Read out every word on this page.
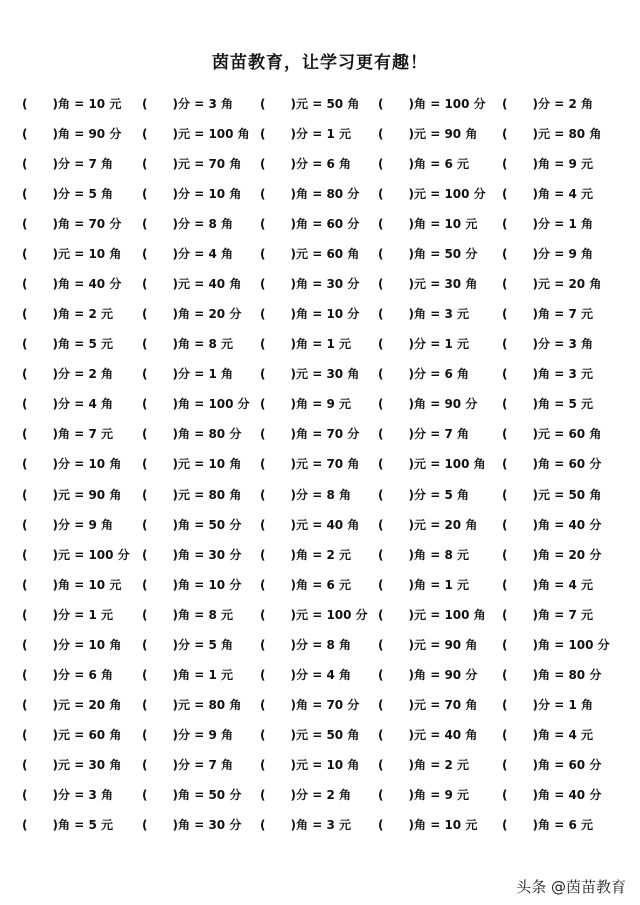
茵苗教育，让学习更有趣！
(      )角 = 10 元 (      )分 = 3 角 (      )元 = 50 角 (      )角 = 100 分 (      )分 = 2 角
(      )角 = 90 分 (      )元 = 100 角 (      )分 = 1 元 (      )元 = 90 角 (      )元 = 80 角
(      )分 = 7 角 (      )元 = 70 角 (      )分 = 6 角 (      )角 = 6 元	(      )角 = 9 元
(      )分 = 5 角 (      )分 = 10 角 (      )角 = 80 分 (      )元 = 100 分 (      )角 = 4 元
(      )角 = 70 分 (      )分 = 8 角 (      )角 = 60 分 (      )角 = 10 元 (      )分 = 1 角
(      )元 = 10 角 (      )分 = 4 角 (      )元 = 60 角 (      )角 = 50 分 (      )分 = 9 角
(      )角 = 40 分 (      )元 = 40 角 (      )角 = 30 分 (      )元 = 30 角 (      )元 = 20 角
(      )角 = 2 元 (      )角 = 20 分 (      )角 = 10 分 (      )角 = 3 元	(      )角 = 7 元
(      )角 = 5 元 (      )角 = 8 元 (      )角 = 1 元 (      )分 = 1 元	(      )分 = 3 角
(      )分 = 2 角 (      )分 = 1 角 (      )元 = 30 角 (      )分 = 6 角	(      )角 = 3 元
(      )分 = 4 角 (      )角 = 100 分 (      )角 = 9 元 (      )角 = 90 分 (      )角 = 5 元
(      )角 = 7 元 (      )角 = 80 分 (      )角 = 70 分 (      )分 = 7 角	(      )元 = 60 角
(      )分 = 10 角 (      )元 = 10 角 (      )元 = 70 角 (      )元 = 100 角 (      )角 = 60 分
(      )元 = 90 角 (      )元 = 80 角 (      )分 = 8 角 (      )分 = 5 角	(      )元 = 50 角
(      )分 = 9 角 (      )角 = 50 分 (      )元 = 40 角 (      )元 = 20 角 (      )角 = 40 分
(      )元 = 100 分 (      )角 = 30 分 (      )角 = 2 元 (      )角 = 8 元	(      )角 = 20 分
(      )角 = 10 元 (      )角 = 10 分 (      )角 = 6 元 (      )角 = 1 元	(      )角 = 4 元
(      )分 = 1 元 (      )角 = 8 元 (      )元 = 100 分 (      )元 = 100 角 (      )角 = 7 元
(      )分 = 10 角 (      )分 = 5 角 (      )分 = 8 角 (      )元 = 90 角 (      )角 = 100 分
(      )分 = 6 角 (      )角 = 1 元 (      )分 = 4 角 (      )角 = 90 分 (      )角 = 80 分
(      )元 = 20 角 (      )元 = 80 角 (      )角 = 70 分 (      )元 = 70 角 (      )分 = 1 角
(      )元 = 60 角 (      )分 = 9 角 (      )元 = 50 角 (      )元 = 40 角 (      )角 = 4 元
(      )元 = 30 角 (      )分 = 7 角 (      )元 = 10 角 (      )角 = 2 元	(      )角 = 60 分
(      )分 = 3 角 (      )角 = 50 分 (      )分 = 2 角 (      )角 = 9 元	(      )角 = 40 分
(      )角 = 5 元 (      )角 = 30 分 (      )角 = 3 元 (      )角 = 10 元 (      )角 = 6 元
头条 @茵苗教育
